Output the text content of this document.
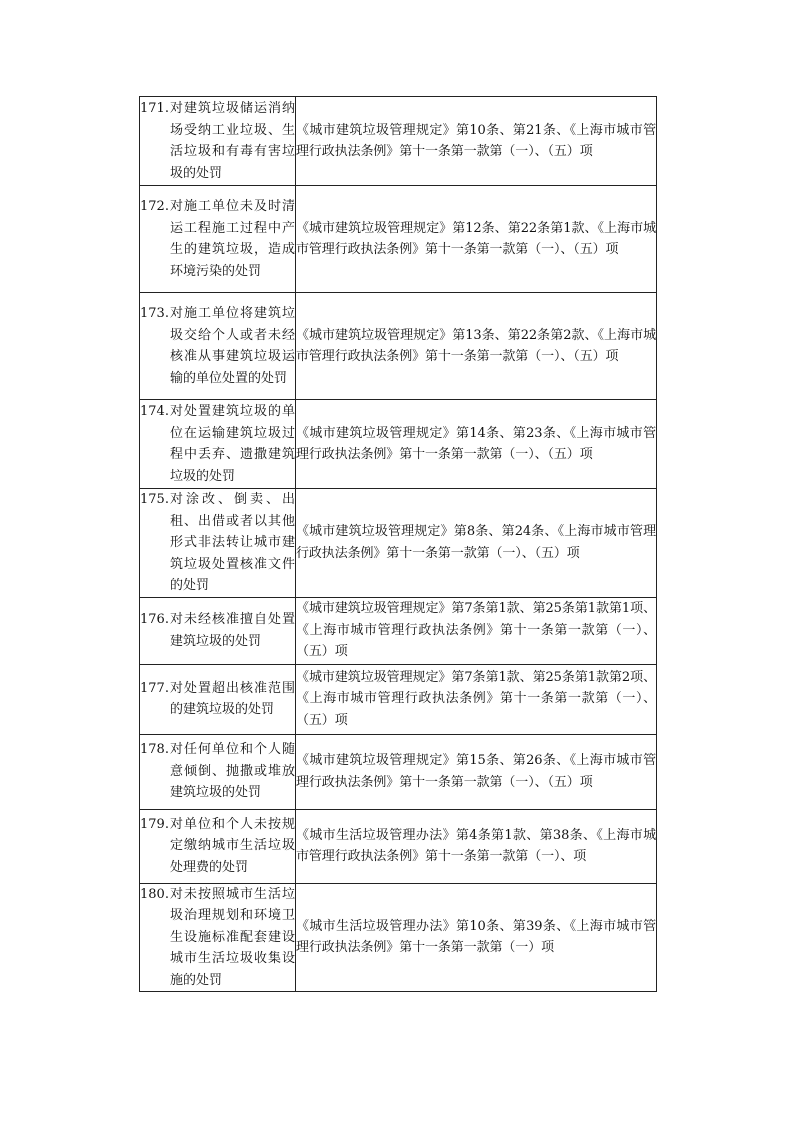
171. 对建筑垃圾储运消纳场受纳工业垃圾、生活垃圾和有毒有害垃圾的处罚	《城市建筑垃圾管理规定》第10条、第21条、《上海市城市管理行政执法条例》第十一条第一款第（一）、（五）项

172. 对施工单位未及时清运工程施工过程中产生的建筑垃圾，造成环境污染的处罚	《城市建筑垃圾管理规定》第12条、第22条第1款、《上海市城市管理行政执法条例》第十一条第一款第（一）、（五）项

173. 对施工单位将建筑垃圾交给个人或者未经核准从事建筑垃圾运输的单位处置的处罚	《城市建筑垃圾管理规定》第13条、第22条第2款、《上海市城市管理行政执法条例》第十一条第一款第（一）、（五）项

174. 对处置建筑垃圾的单位在运输建筑垃圾过程中丢弃、遗撒建筑垃圾的处罚	《城市建筑垃圾管理规定》第14条、第23条、《上海市城市管理行政执法条例》第十一条第一款第（一）、（五）项

175. 对涂改、倒卖、出租、出借或者以其他形式非法转让城市建筑垃圾处置核准文件的处罚	《城市建筑垃圾管理规定》第8条、第24条、《上海市城市管理行政执法条例》第十一条第一款第（一）、（五）项

176. 对未经核准擅自处置建筑垃圾的处罚	《城市建筑垃圾管理规定》第7条第1款、第25条第1款第1项、《上海市城市管理行政执法条例》第十一条第一款第（一）、（五）项

177. 对处置超出核准范围的建筑垃圾的处罚	《城市建筑垃圾管理规定》第7条第1款、第25条第1款第2项、《上海市城市管理行政执法条例》第十一条第一款第（一）、（五）项

178. 对任何单位和个人随意倾倒、抛撒或堆放建筑垃圾的处罚	《城市建筑垃圾管理规定》第15条、第26条、《上海市城市管理行政执法条例》第十一条第一款第（一）、（五）项

179. 对单位和个人未按规定缴纳城市生活垃圾处理费的处罚	《城市生活垃圾管理办法》第4条第1款、第38条、《上海市城市管理行政执法条例》第十一条第一款第（一）、项

180. 对未按照城市生活垃圾治理规划和环境卫生设施标准配套建设城市生活垃圾收集设施的处罚	《城市生活垃圾管理办法》第10条、第39条、《上海市城市管理行政执法条例》第十一条第一款第（一）项
